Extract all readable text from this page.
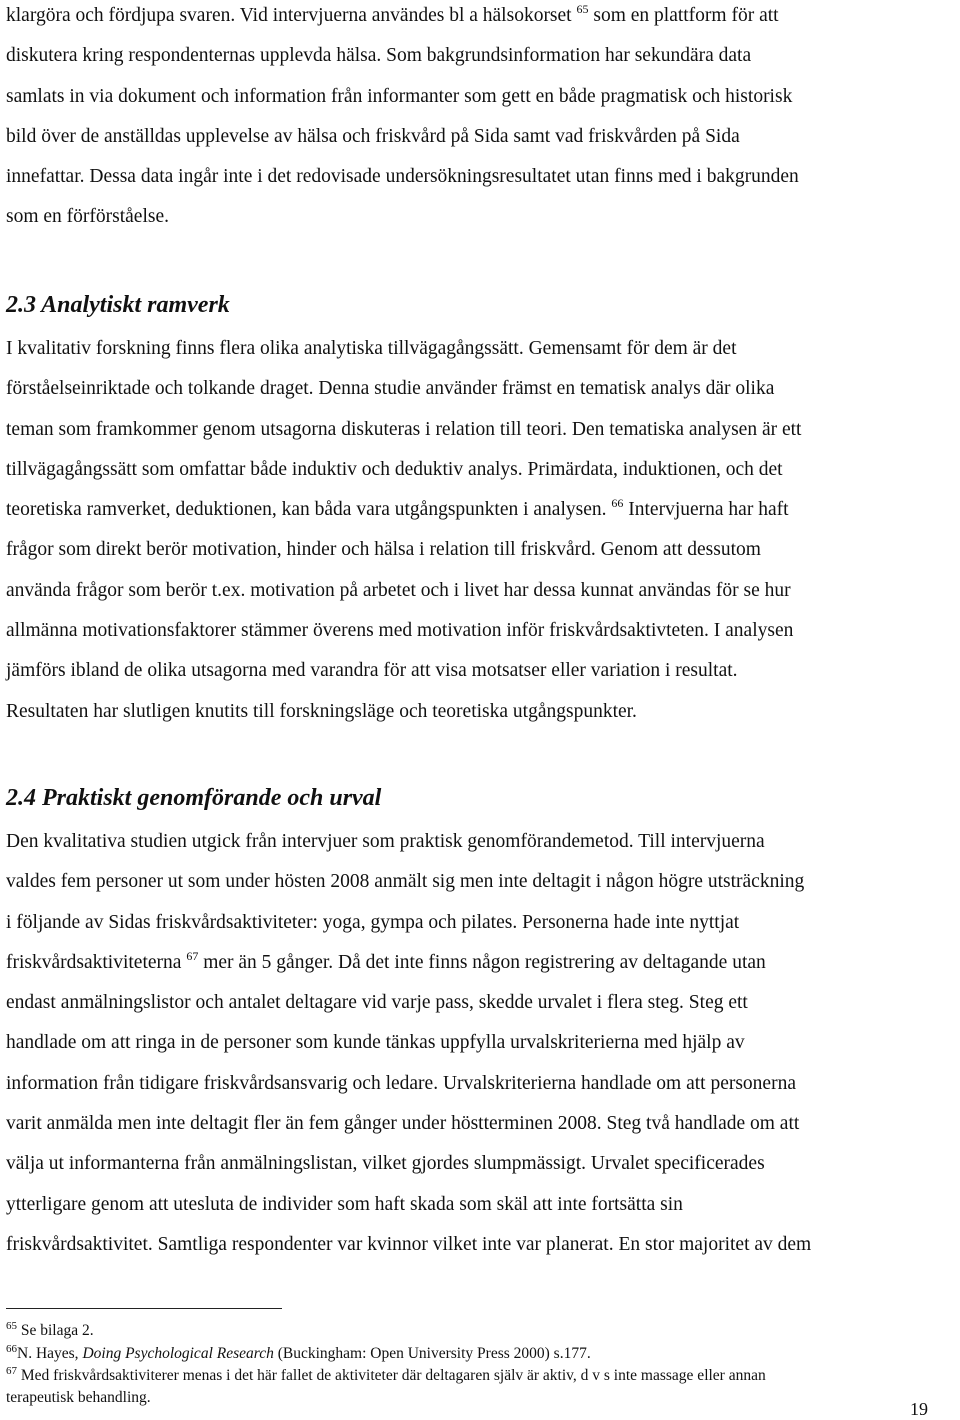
klargöra och fördjupa svaren. Vid intervjuerna användes bl a hälsokorset $^{65}$ som en plattform för att
diskutera kring respondenternas upplevda hälsa. Som bakgrundsinformation har sekundära data
samlats in via dokument och information från informanter som gett en både pragmatisk och historisk
bild över de anställdas upplevelse av hälsa och friskvård på Sida samt vad friskvården på Sida
innefattar. Dessa data ingår inte i det redovisade undersökningsresultatet utan finns med i bakgrunden
som en förförståelse.
2.3 Analytiskt ramverk
I kvalitativ forskning finns flera olika analytiska tillvägagångssätt. Gemensamt för dem är det
förståelseinriktade och tolkande draget. Denna studie använder främst en tematisk analys där olika
teman som framkommer genom utsagorna diskuteras i relation till teori. Den tematiska analysen är ett
tillvägagångssätt som omfattar både induktiv och deduktiv analys. Primärdata, induktionen, och det
teoretiska ramverket, deduktionen, kan båda vara utgångspunkten i analysen. $^{66}$ Intervjuerna har haft
frågor som direkt berör motivation, hinder och hälsa i relation till friskvård. Genom att dessutom
använda frågor som berör t.ex. motivation på arbetet och i livet har dessa kunnat användas för se hur
allmänna motivationsfaktorer stämmer överens med motivation inför friskvårdsaktivteten. I analysen
jämförs ibland de olika utsagorna med varandra för att visa motsatser eller variation i resultat.
Resultaten har slutligen knutits till forskningsläge och teoretiska utgångspunkter.
2.4 Praktiskt genomförande och urval
Den kvalitativa studien utgick från intervjuer som praktisk genomförandemetod. Till intervjuerna
valdes fem personer ut som under hösten 2008 anmält sig men inte deltagit i någon högre utsträckning
i följande av Sidas friskvårdsaktiviteter: yoga, gympa och pilates. Personerna hade inte nyttjat
friskvårdsaktiviteterna $^{67}$ mer än 5 gånger. Då det inte finns någon registrering av deltagande utan
endast anmälningslistor och antalet deltagare vid varje pass, skedde urvalet i flera steg. Steg ett
handlade om att ringa in de personer som kunde tänkas uppfylla urvalskriterierna med hjälp av
information från tidigare friskvårdsansvarig och ledare. Urvalskriterierna handlade om att personerna
varit anmälda men inte deltagit fler än fem gånger under höstterminen 2008. Steg två handlade om att
välja ut informanterna från anmälningslistan, vilket gjordes slumpmässigt. Urvalet specificerades
ytterligare genom att utesluta de individer som haft skada som skäl att inte fortsätta sin
friskvårdsaktivitet. Samtliga respondenter var kvinnor vilket inte var planerat. En stor majoritet av dem

$^{65}$ Se bilaga 2.

$^{66}$N. Hayes, Doing Psychological Research (Buckingham: Open University Press 2000) s.177.

$^{67}$ Med friskvårdsaktiviterer menas i det här fallet de aktiviteter där deltagaren själv är aktiv, d v s inte massage eller annan

terapeutisk behandling.

19
